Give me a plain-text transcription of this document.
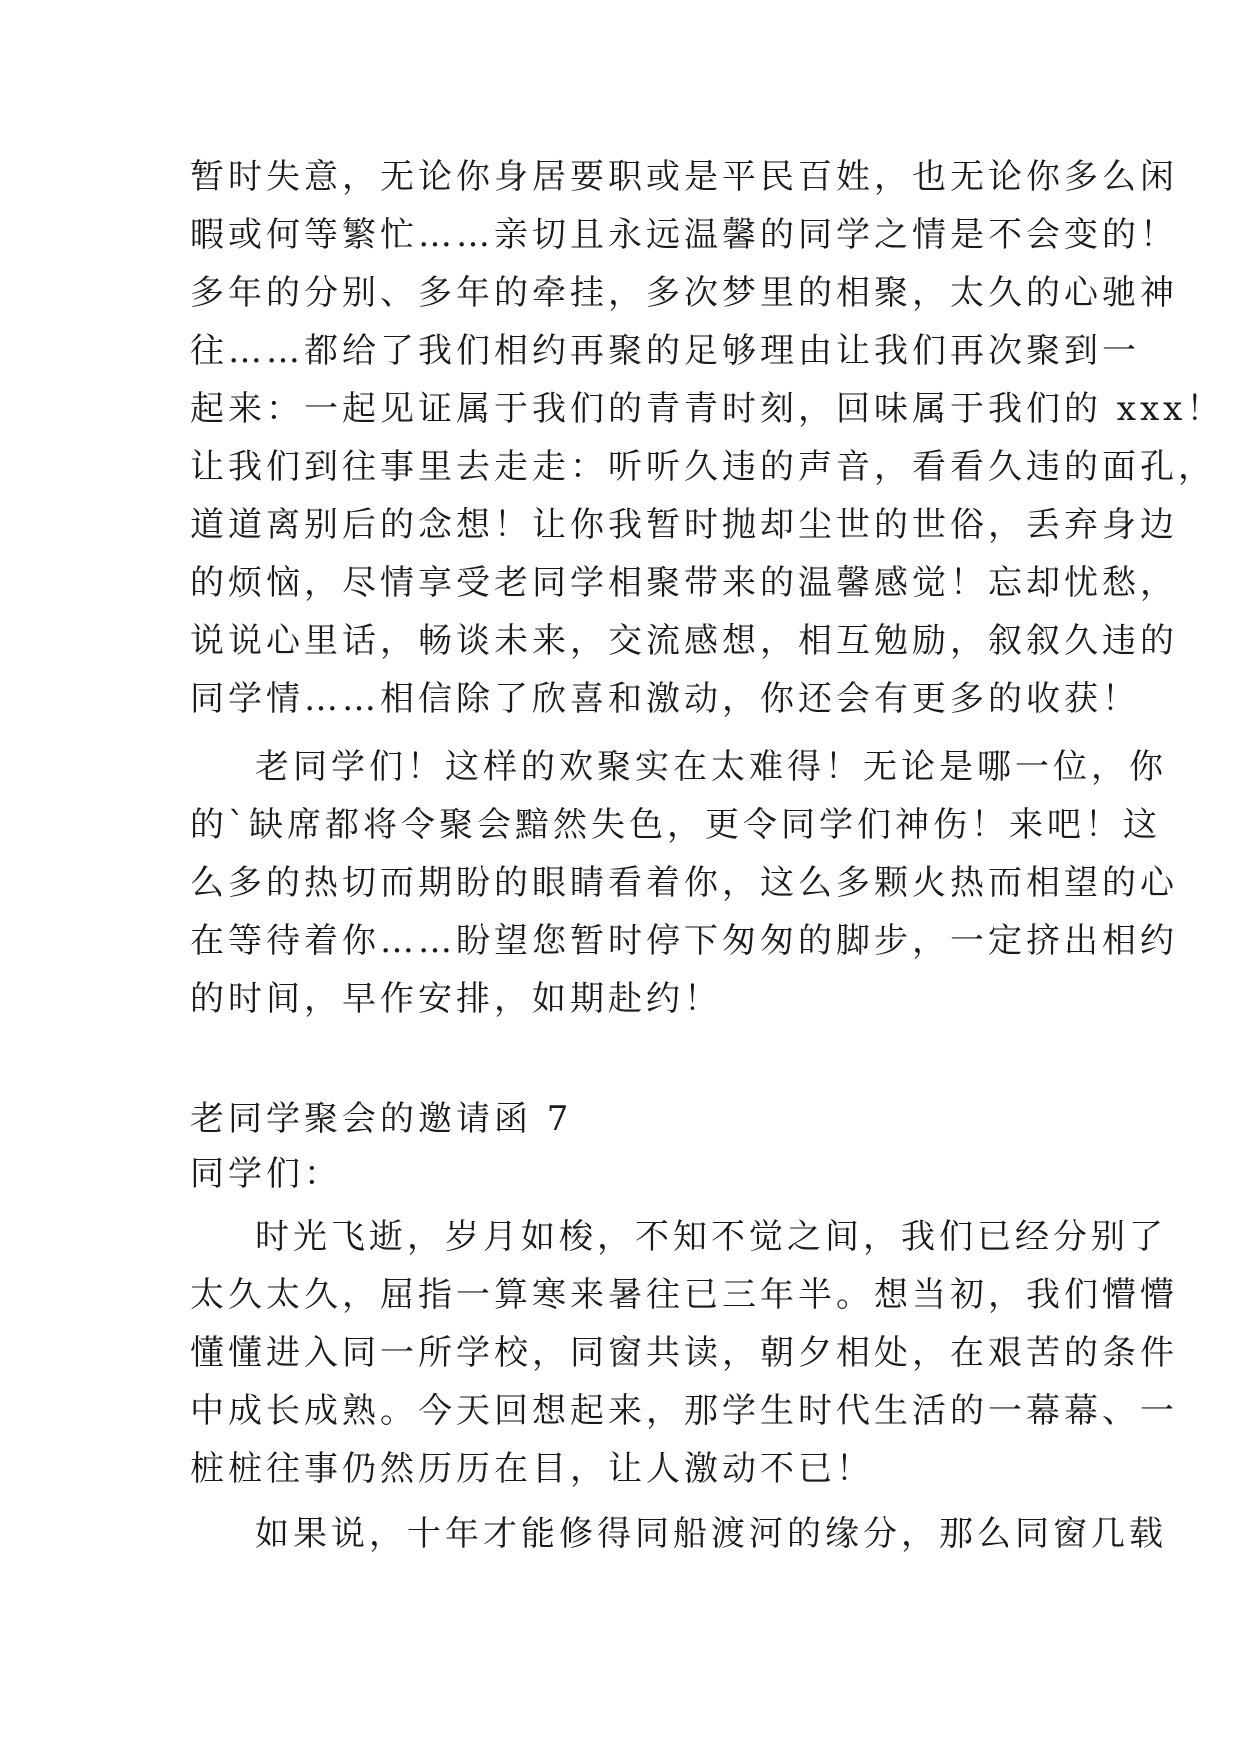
暂时失意，无论你身居要职或是平民百姓，也无论你多么闲
暇或何等繁忙……亲切且永远温馨的同学之情是不会变的！
多年的分别、多年的牵挂，多次梦里的相聚，太久的心驰神
往……都给了我们相约再聚的足够理由让我们再次聚到一
起来：一起见证属于我们的青青时刻，回味属于我们的 xxx！
让我们到往事里去走走：听听久违的声音，看看久违的面孔，
道道离别后的念想！让你我暂时抛却尘世的世俗，丢弃身边
的烦恼，尽情享受老同学相聚带来的温馨感觉！忘却忧愁，
说说心里话，畅谈未来，交流感想，相互勉励，叙叙久违的
同学情……相信除了欣喜和激动，你还会有更多的收获！
老同学们！这样的欢聚实在太难得！无论是哪一位，你
的`缺席都将令聚会黯然失色，更令同学们神伤！来吧！这
么多的热切而期盼的眼睛看着你，这么多颗火热而相望的心
在等待着你……盼望您暂时停下匆匆的脚步，一定挤出相约
的时间，早作安排，如期赴约！
老同学聚会的邀请函 7
同学们：
时光飞逝，岁月如梭，不知不觉之间，我们已经分别了
太久太久，屈指一算寒来暑往已三年半。想当初，我们懵懵
懂懂进入同一所学校，同窗共读，朝夕相处，在艰苦的条件
中成长成熟。今天回想起来，那学生时代生活的一幕幕、一
桩桩往事仍然历历在目，让人激动不已！
如果说，十年才能修得同船渡河的缘分，那么同窗几载
